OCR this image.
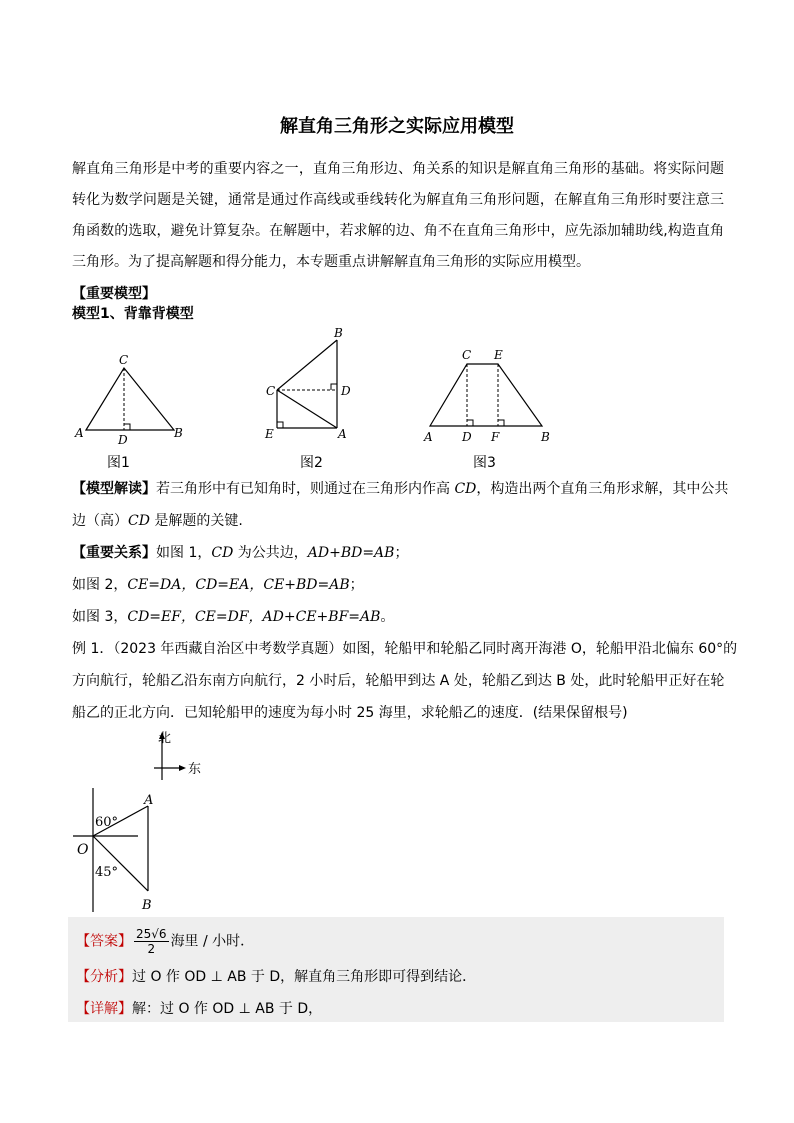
解直角三角形之实际应用模型
解直角三角形是中考的重要内容之一，直角三角形边、角关系的知识是解直角三角形的基础。将实际问题转化为数学问题是关键，通常是通过作高线或垂线转化为解直角三角形问题，在解直角三角形时要注意三角函数的选取，避免计算复杂。在解题中，若求解的边、角不在直角三角形中，应先添加辅助线,构造直角三角形。为了提高解题和得分能力，本专题重点讲解解直角三角形的实际应用模型。
【重要模型】
模型1、背靠背模型
C
A	B
D
图1
B
C	D
E	A
图2
C E
A D F	B
图3
【模型解读】若三角形中有已知角时，则通过在三角形内作高 CD，构造出两个直角三角形求解，其中公共
边（高）CD 是解题的关键.
【重要关系】如图 1，CD 为公共边，AD+BD=AB；
如图 2，CE=DA，CD=EA，CE+BD=AB；
如图 3，CD=EF，CE=DF，AD+CE+BF=AB。
例 1．（2023 年西藏自治区中考数学真题）如图，轮船甲和轮船乙同时离开海港 O，轮船甲沿北偏东 60°的
方向航行，轮船乙沿东南方向航行，2 小时后，轮船甲到达 A 处，轮船乙到达 B 处，此时轮船甲正好在轮
船乙的正北方向．已知轮船甲的速度为每小时 25 海里，求轮船乙的速度．(结果保留根号)
北
东
A
B
O
60°
45°
【答案】 $\frac{25√6}{2}$ 海里 / 小时．
【分析】过 O 作 OD ⊥ AB 于 D，解直角三角形即可得到结论．
【详解】解：过 O 作 OD ⊥ AB 于 D，
